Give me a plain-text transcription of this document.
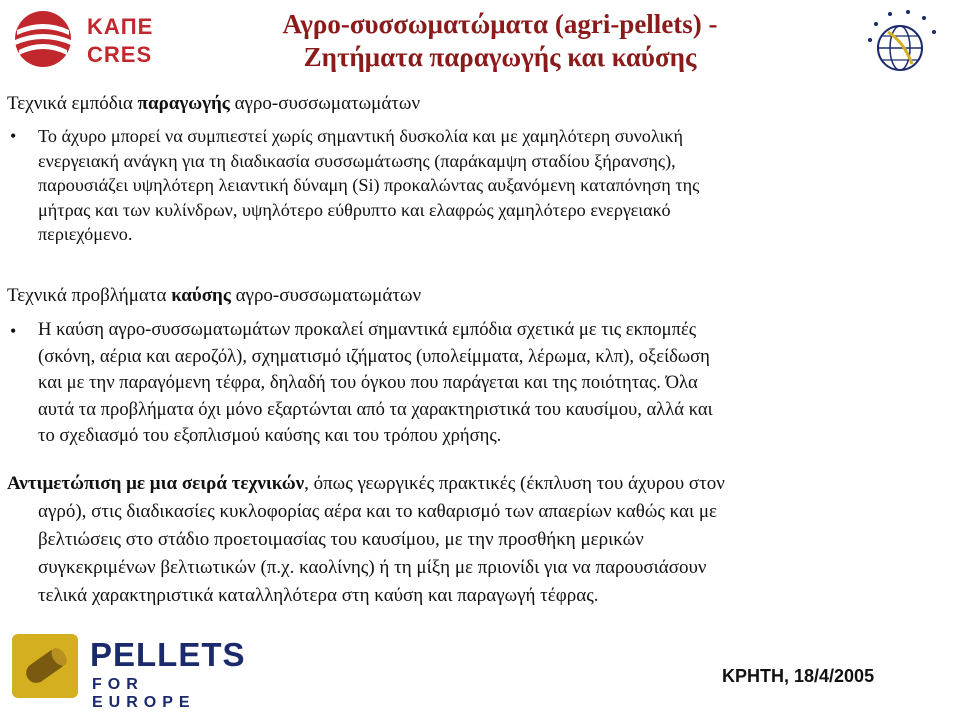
ΚΑΠΕ
CRES
Αγρο-συσσωματώματα (agri-pellets) -
Ζητήματα παραγωγής και καύσης
Τεχνικά εμπόδια παραγωγής αγρο-συσσωματωμάτων
• Το άχυρο μπορεί να συμπιεστεί χωρίς σημαντική δυσκολία και με χαμηλότερη συνολική
ενεργειακή ανάγκη για τη διαδικασία συσσωμάτωσης (παράκαμψη σταδίου ξήρανσης),
παρουσιάζει υψηλότερη λειαντική δύναμη (Si) προκαλώντας αυξανόμενη καταπόνηση της
μήτρας και των κυλίνδρων, υψηλότερο εύθρυπτο και ελαφρώς χαμηλότερο ενεργειακό
περιεχόμενο.
Τεχνικά προβλήματα καύσης αγρο-συσσωματωμάτων
• Η καύση αγρο-συσσωματωμάτων προκαλεί σημαντικά εμπόδια σχετικά με τις εκπομπές
(σκόνη, αέρια και αεροζόλ), σχηματισμό ιζήματος (υπολείμματα, λέρωμα, κλπ), οξείδωση
και με την παραγόμενη τέφρα, δηλαδή του όγκου που παράγεται και της ποιότητας. Όλα
αυτά τα προβλήματα όχι μόνο εξαρτώνται από τα χαρακτηριστικά του καυσίμου, αλλά και
το σχεδιασμό του εξοπλισμού καύσης και του τρόπου χρήσης.
Αντιμετώπιση με μια σειρά τεχνικών, όπως γεωργικές πρακτικές (έκπλυση του άχυρου στον
αγρό), στις διαδικασίες κυκλοφορίας αέρα και το καθαρισμό των απαερίων καθώς και με
βελτιώσεις στο στάδιο προετοιμασίας του καυσίμου, με την προσθήκη μερικών
συγκεκριμένων βελτιωτικών (π.χ. καολίνης) ή τη μίξη με πριονίδι για να παρουσιάσουν
τελικά χαρακτηριστικά καταλληλότερα στη καύση και παραγωγή τέφρας.
PELLETS
FOR EUROPE
ΚΡΗΤΗ, 18/4/2005
